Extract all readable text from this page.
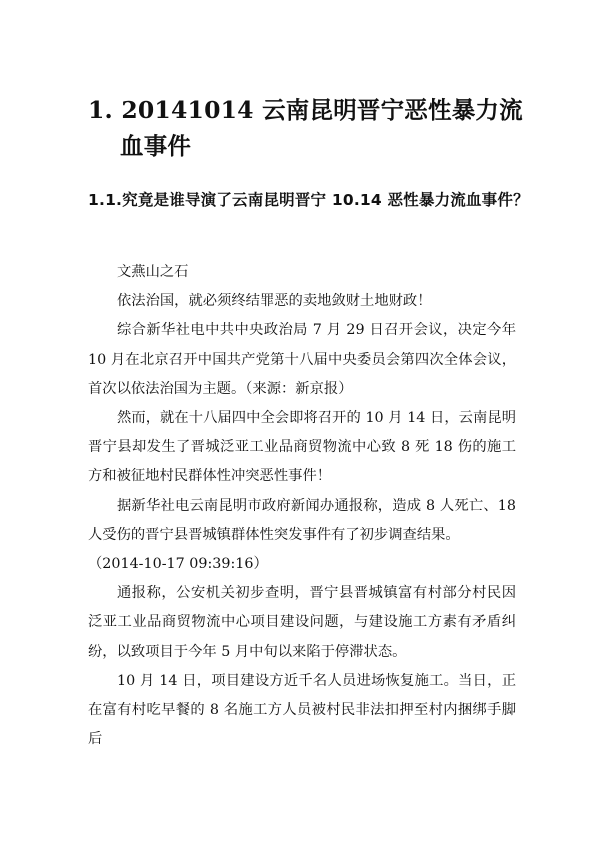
1. 20141014 云南昆明晋宁恶性暴力流血事件
1.1.究竟是谁导演了云南昆明晋宁 10.14 恶性暴力流血事件？

文燕山之石

依法治国，就必须终结罪恶的卖地敛财土地财政！

综合新华社电中共中央政治局 7 月 29 日召开会议，决定今年 10 月在北京召开中国共产党第十八届中央委员会第四次全体会议，首次以依法治国为主题。（来源：新京报）

然而，就在十八届四中全会即将召开的 10 月 14 日，云南昆明晋宁县却发生了晋城泛亚工业品商贸物流中心致 8 死 18 伤的施工方和被征地村民群体性冲突恶性事件！

据新华社电云南昆明市政府新闻办通报称，造成 8 人死亡、18 人受伤的晋宁县晋城镇群体性突发事件有了初步调查结果。

（2014-10-17 09:39:16）

通报称，公安机关初步查明，晋宁县晋城镇富有村部分村民因泛亚工业品商贸物流中心项目建设问题，与建设施工方素有矛盾纠纷，以致项目于今年 5 月中旬以来陷于停滞状态。

10 月 14 日，项目建设方近千名人员进场恢复施工。当日，正在富有村吃早餐的 8 名施工方人员被村民非法扣押至村内捆绑手脚后
